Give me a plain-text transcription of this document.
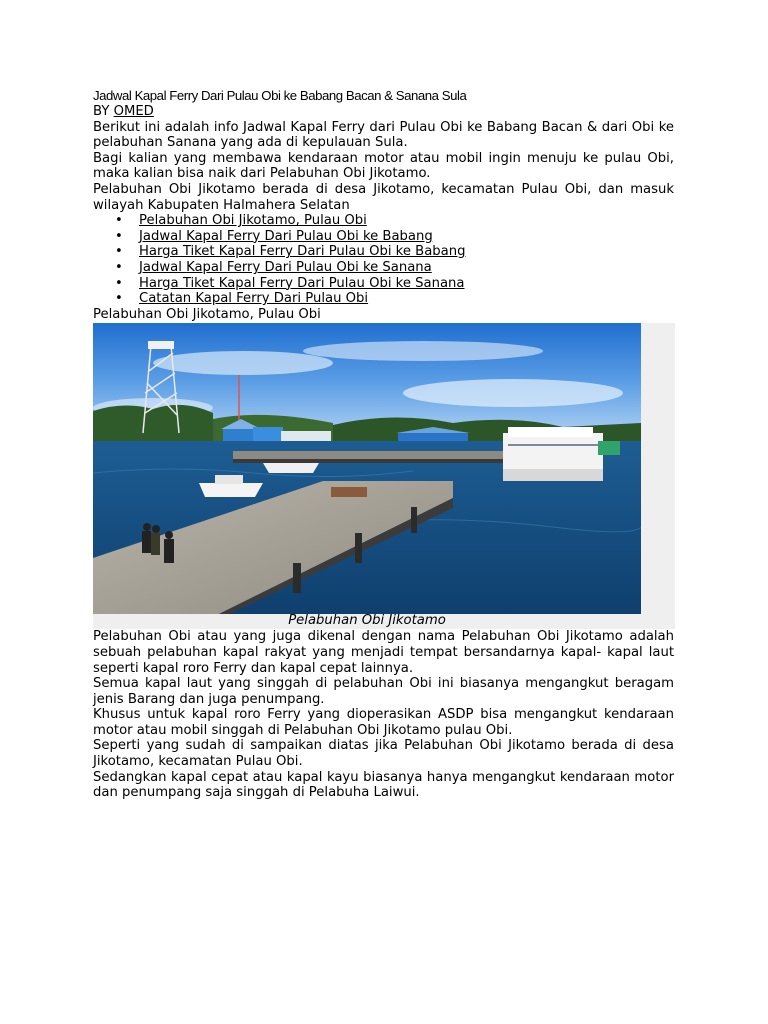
Jadwal Kapal Ferry Dari Pulau Obi ke Babang Bacan & Sanana Sula

BY OMED

Berikut ini adalah info Jadwal Kapal Ferry dari Pulau Obi ke Babang Bacan & dari Obi ke pelabuhan Sanana yang ada di kepulauan Sula.

Bagi kalian yang membawa kendaraan motor atau mobil ingin menuju ke pulau Obi, maka kalian bisa naik dari Pelabuhan Obi Jikotamo.

Pelabuhan Obi Jikotamo berada di desa Jikotamo, kecamatan Pulau Obi, dan masuk wilayah Kabupaten Halmahera Selatan

• Pelabuhan Obi Jikotamo, Pulau Obi
• Jadwal Kapal Ferry Dari Pulau Obi ke Babang
• Harga Tiket Kapal Ferry Dari Pulau Obi ke Babang
• Jadwal Kapal Ferry Dari Pulau Obi ke Sanana
• Harga Tiket Kapal Ferry Dari Pulau Obi ke Sanana
• Catatan Kapal Ferry Dari Pulau Obi

Pelabuhan Obi Jikotamo, Pulau Obi

Pelabuhan Obi Jikotamo

Pelabuhan Obi atau yang juga dikenal dengan nama Pelabuhan Obi Jikotamo adalah sebuah pelabuhan kapal rakyat yang menjadi tempat bersandarnya kapal- kapal laut seperti kapal roro Ferry dan kapal cepat lainnya.

Semua kapal laut yang singgah di pelabuhan Obi ini biasanya mengangkut beragam jenis Barang dan juga penumpang.

Khusus untuk kapal roro Ferry yang dioperasikan ASDP bisa mengangkut kendaraan motor atau mobil singgah di Pelabuhan Obi Jikotamo pulau Obi.

Seperti yang sudah di sampaikan diatas jika Pelabuhan Obi Jikotamo berada di desa Jikotamo, kecamatan Pulau Obi.

Sedangkan kapal cepat atau kapal kayu biasanya hanya mengangkut kendaraan motor dan penumpang saja singgah di Pelabuha Laiwui.
